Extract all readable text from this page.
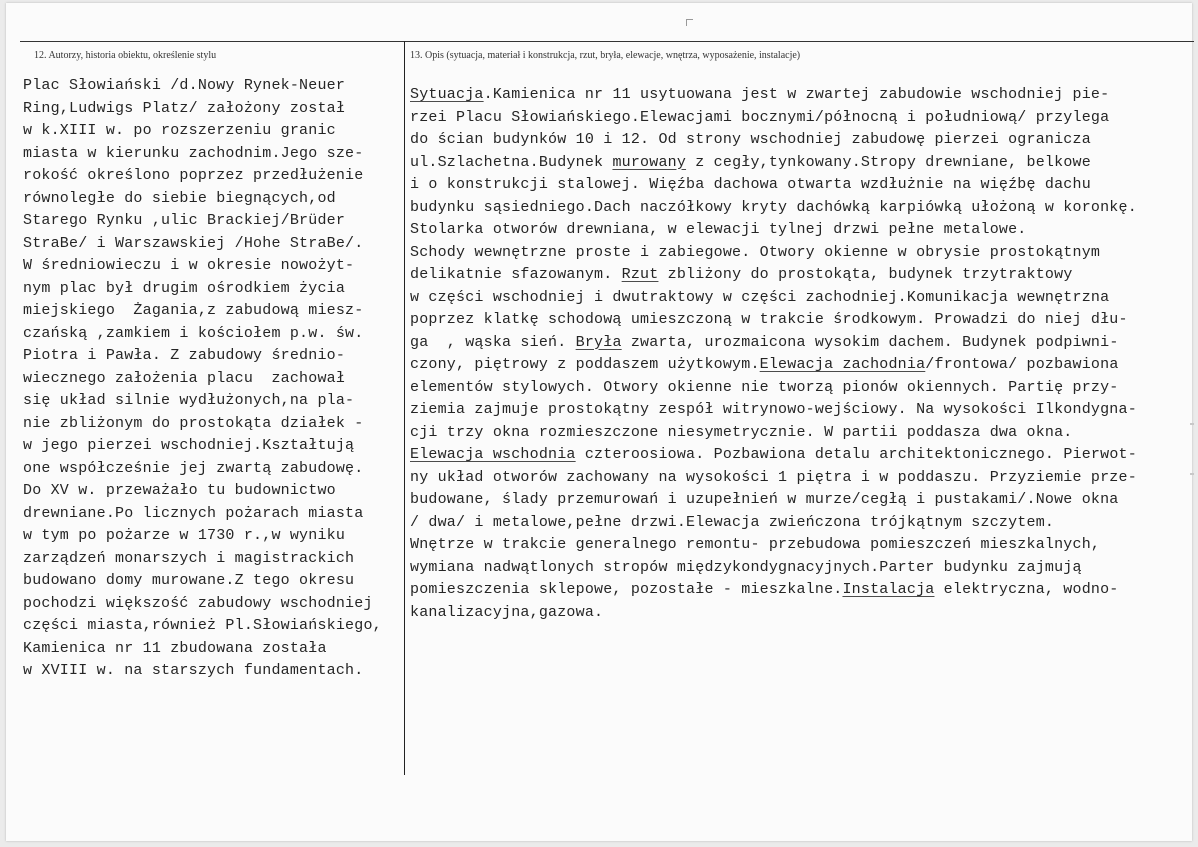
12. Autorzy, historia obiektu, określenie stylu	13. Opis (sytuacja, materiał i konstrukcja, rzut, bryła, elewacje, wnętrza, wyposażenie, instalacje)
Plac Słowiański /d.Nowy Rynek-Neuer
Ring,Ludwigs Platz/ założony został
w k.XIII w. po rozszerzeniu granic
miasta w kierunku zachodnim.Jego sze-
rokość określono poprzez przedłużenie
równoległe do siebie biegnących,od
Starego Rynku ,ulic Brackiej/Brüder
StraBe/ i Warszawskiej /Hohe StraBe/.
W średniowieczu i w okresie nowożyt-
nym plac był drugim ośrodkiem życia
miejskiego  Żagania,z zabudową miesz-
czańską ,zamkiem i kościołem p.w. św.
Piotra i Pawła. Z zabudowy średnio-
wiecznego założenia placu  zachował
się układ silnie wydłużonych,na pla-
nie zbliżonym do prostokąta działek -
w jego pierzei wschodniej.Kształtują
one współcześnie jej zwartą zabudowę.
Do XV w. przeważało tu budownictwo
drewniane.Po licznych pożarach miasta
w tym po pożarze w 1730 r.,w wyniku
zarządzeń monarszych i magistrackich
budowano domy murowane.Z tego okresu
pochodzi większość zabudowy wschodniej
części miasta,również Pl.Słowiańskiego,
Kamienica nr 11 zbudowana została
w XVIII w. na starszych fundamentach.
Sytuacja.Kamienica nr 11 usytuowana jest w zwartej zabudowie wschodniej pie-
rzei Placu Słowiańskiego.Elewacjami bocznymi/północną i południową/ przylega
do ścian budynków 10 i 12. Od strony wschodniej zabudowę pierzei ogranicza
ul.Szlachetna.Budynek murowany z cegły,tynkowany.Stropy drewniane, belkowe
i o konstrukcji stalowej. Więźba dachowa otwarta wzdłużnie na więźbę dachu
budynku sąsiedniego.Dach naczółkowy kryty dachówką karpiówką ułożoną w koronkę.
Stolarka otworów drewniana, w elewacji tylnej drzwi pełne metalowe.
Schody wewnętrzne proste i zabiegowe. Otwory okienne w obrysie prostokątnym
delikatnie sfazowanym. Rzut zbliżony do prostokąta, budynek trzytraktowy
w części wschodniej i dwutraktowy w części zachodniej.Komunikacja wewnętrzna
poprzez klatkę schodową umieszczoną w trakcie środkowym. Prowadzi do niej dłu-
ga  , wąska sień. Bryła zwarta, urozmaicona wysokim dachem. Budynek podpiwni-
czony, piętrowy z poddaszem użytkowym.Elewacja zachodnia/frontowa/ pozbawiona
elementów stylowych. Otwory okienne nie tworzą pionów okiennych. Partię przy-
ziemia zajmuje prostokątny zespół witrynowo-wejściowy. Na wysokości Ilkondygna-
cji trzy okna rozmieszczone niesymetrycznie. W partii poddasza dwa okna.
Elewacja wschodnia czteroosiowa. Pozbawiona detalu architektonicznego. Pierwot-
ny układ otworów zachowany na wysokości 1 piętra i w poddaszu. Przyziemie prze-
budowane, ślady przemurowań i uzupełnień w murze/cegłą i pustakami/.Nowe okna
/ dwa/ i metalowe,pełne drzwi.Elewacja zwieńczona trójkątnym szczytem.
Wnętrze w trakcie generalnego remontu- przebudowa pomieszczeń mieszkalnych,
wymiana nadwątlonych stropów międzykondygnacyjnych.Parter budynku zajmują
pomieszczenia sklepowe, pozostałe - mieszkalne.Instalacja elektryczna, wodno-
kanalizacyjna,gazowa.
